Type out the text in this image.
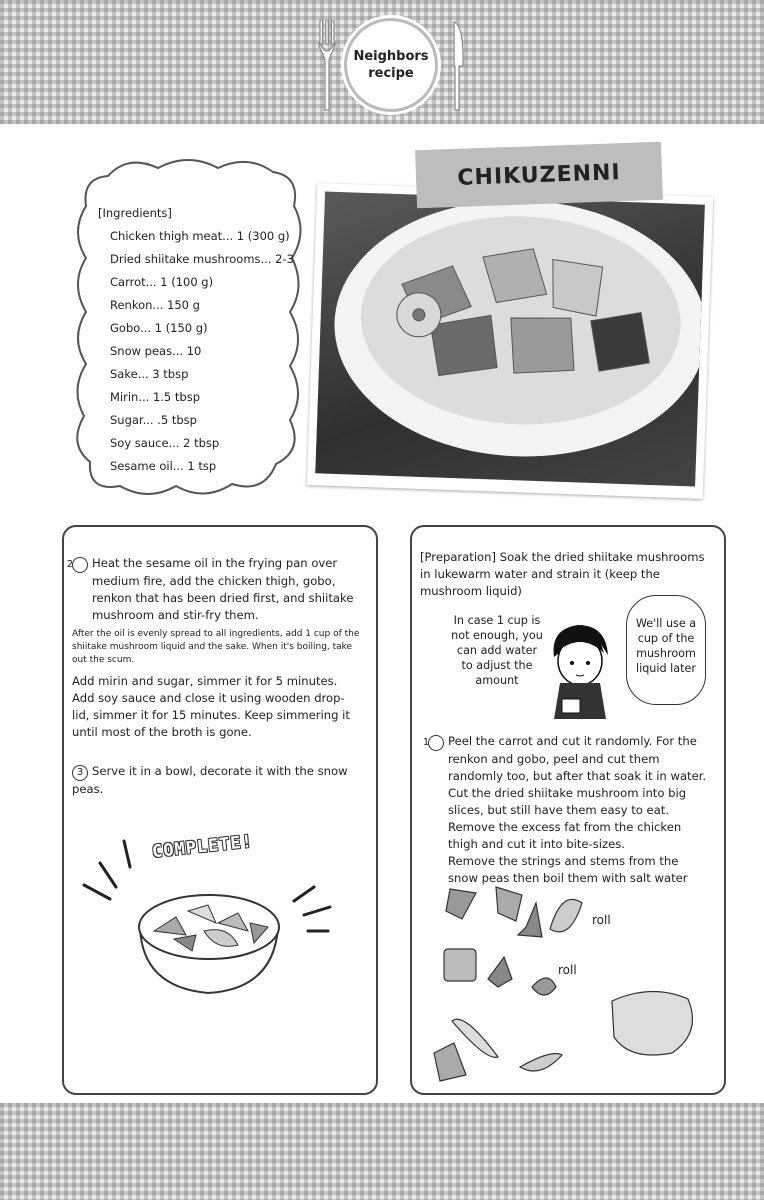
Neighbors
recipe
[Ingredients]
Chicken thigh meat... 1 (300 g)
Dried shiitake mushrooms... 2-3
Carrot... 1 (100 g)
Renkon... 150 g
Gobo... 1 (150 g)
Snow peas... 10
Sake... 3 tbsp
Mirin... 1.5 tbsp
Sugar... .5 tbsp
Soy sauce... 2 tbsp
Sesame oil... 1 tsp
CHIKUZENNI
2 Heat the sesame oil in the frying pan over medium fire, add the chicken thigh, gobo, renkon that has been dried first, and shiitake mushroom and stir-fry them.
After the oil is evenly spread to all ingredients, add 1 cup of the shiitake mushroom liquid and the sake. When it's boiling, take out the scum.
Add mirin and sugar, simmer it for 5 minutes. Add soy sauce and close it using wooden drop-lid, simmer it for 15 minutes. Keep simmering it until most of the broth is gone.
3 Serve it in a bowl, decorate it with the snow peas.
COMPLETE!
[Preparation] Soak the dried shiitake mushrooms in lukewarm water and strain it (keep the mushroom liquid)
In case 1 cup is not enough, you can add water to adjust the amount
We'll use a cup of the mushroom liquid later
1 Peel the carrot and cut it randomly. For the renkon and gobo, peel and cut them randomly too, but after that soak it in water. Cut the dried shiitake mushroom into big slices, but still have them easy to eat. Remove the excess fat from the chicken thigh and cut it into bite-sizes.
Remove the strings and stems from the snow peas then boil them with salt water
roll
roll
